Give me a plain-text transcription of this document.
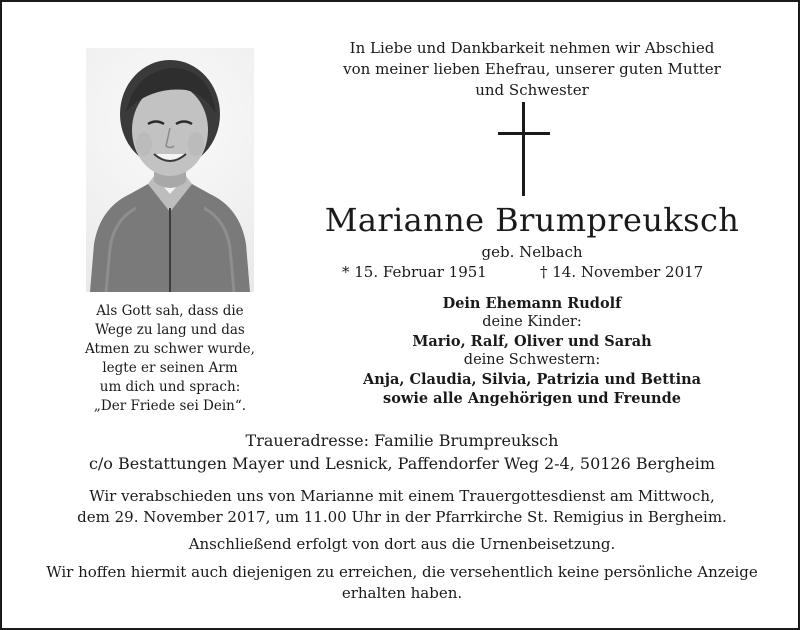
In Liebe und Dankbarkeit nehmen wir Abschied
von meiner lieben Ehefrau, unserer guten Mutter
und Schwester
Marianne Brumpreuksch
geb. Nelbach
* 15. Februar 1951	† 14. November 2017
Als Gott sah, dass die
Wege zu lang und das
Atmen zu schwer wurde,
legte er seinen Arm
um dich und sprach:
„Der Friede sei Dein“.
Dein Ehemann Rudolf
deine Kinder:
Mario, Ralf, Oliver und Sarah
deine Schwestern:
Anja, Claudia, Silvia, Patrizia und Bettina
sowie alle Angehörigen und Freunde
Traueradresse: Familie Brumpreuksch
c/o Bestattungen Mayer und Lesnick, Paffendorfer Weg 2-4, 50126 Bergheim
Wir verabschieden uns von Marianne mit einem Trauergottesdienst am Mittwoch,
dem 29. November 2017, um 11.00 Uhr in der Pfarrkirche St. Remigius in Bergheim.
Anschließend erfolgt von dort aus die Urnenbeisetzung.
Wir hoffen hiermit auch diejenigen zu erreichen, die versehentlich keine persönliche Anzeige
erhalten haben.
